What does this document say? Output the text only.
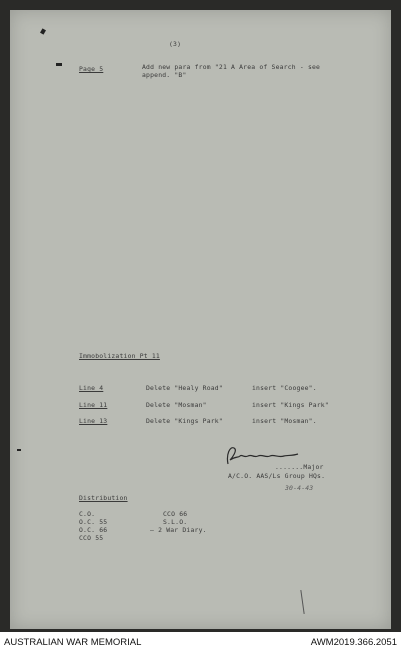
(3)
Page 5	Add new para from "21 A Area of Search - see
append. "B"
Immobolization Pt 11
Line 4	Delete "Healy Road"	insert "Coogee".
Line 11	Delete "Mosman"	insert "Kings Park"
Line 13	Delete "Kings Park"	insert "Mosman".
.......Major
A/C.O. AAS/Ls Group HQs.
30-4-43
Distribution
C.O.
O.C. 55
O.C. 66
CCO 55
CCO 66
S.L.O.
— 2 War Diary.
AUSTRALIAN WAR MEMORIAL	AWM2019.366.2051
